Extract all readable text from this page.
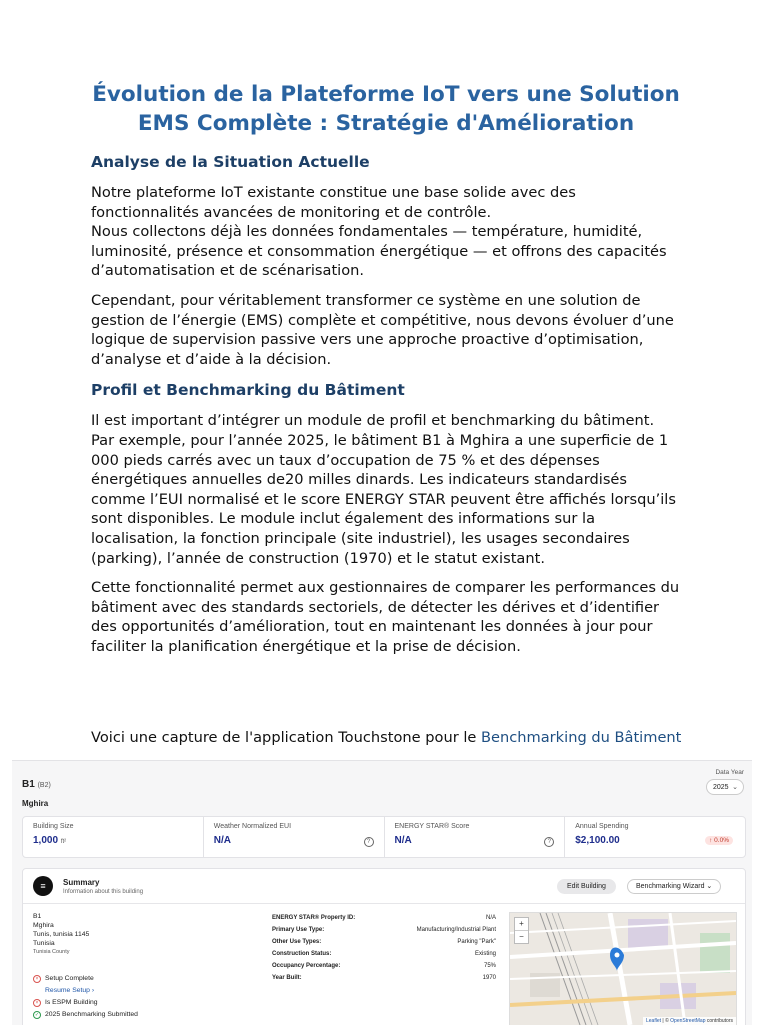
Évolution de la Plateforme IoT vers une Solution EMS Complète : Stratégie d'Amélioration
Analyse de la Situation Actuelle

Notre plateforme IoT existante constitue une base solide avec des fonctionnalités avancées de monitoring et de contrôle.
Nous collectons déjà les données fondamentales — température, humidité, luminosité, présence et consommation énergétique — et offrons des capacités d’automatisation et de scénarisation.

Cependant, pour véritablement transformer ce système en une solution de gestion de l’énergie (EMS) complète et compétitive, nous devons évoluer d’une logique de supervision passive vers une approche proactive d’optimisation, d’analyse et d’aide à la décision.

Profil et Benchmarking du Bâtiment

Il est important d’intégrer un module de profil et benchmarking du bâtiment. Par exemple, pour l’année 2025, le bâtiment B1 à Mghira a une superficie de 1 000 pieds carrés avec un taux d’occupation de 75 % et des dépenses énergétiques annuelles de20 milles dinards. Les indicateurs standardisés comme l’EUI normalisé et le score ENERGY STAR peuvent être affichés lorsqu’ils sont disponibles. Le module inclut également des informations sur la localisation, la fonction principale (site industriel), les usages secondaires (parking), l’année de construction (1970) et le statut existant.

Cette fonctionnalité permet aux gestionnaires de comparer les performances du bâtiment avec des standards sectoriels, de détecter les dérives et d’identifier des opportunités d’amélioration, tout en maintenant les données à jour pour faciliter la planification énergétique et la prise de décision.

Voici une capture de l'application Touchstone pour le Benchmarking du Bâtiment

B1 (B2)
Mghira
Data Year
2025 ⌄
Building Size
1,000 ft²
Weather Normalized EUI
N/A	?
ENERGY STAR® Score
N/A	?
Annual Spending
$2,100.00	↑ 0.0%
≡	Summary
Information about this building
Edit Building	Benchmarking Wizard ⌄
B1
Mghira
Tunis, tunisia 1145
Tunisia
Tunisia County
× Setup Complete
Resume Setup ›
× Is ESPM Building
✓ 2025 Benchmarking Submitted
ENERGY STAR® Property ID:	N/A
Primary Use Type:	Manufacturing/Industrial Plant
Other Use Types:	Parking "Park"
Construction Status:	Existing
Occupancy Percentage:	75%
Year Built:	1970
+
−
Leaflet | © OpenStreetMap contributors
